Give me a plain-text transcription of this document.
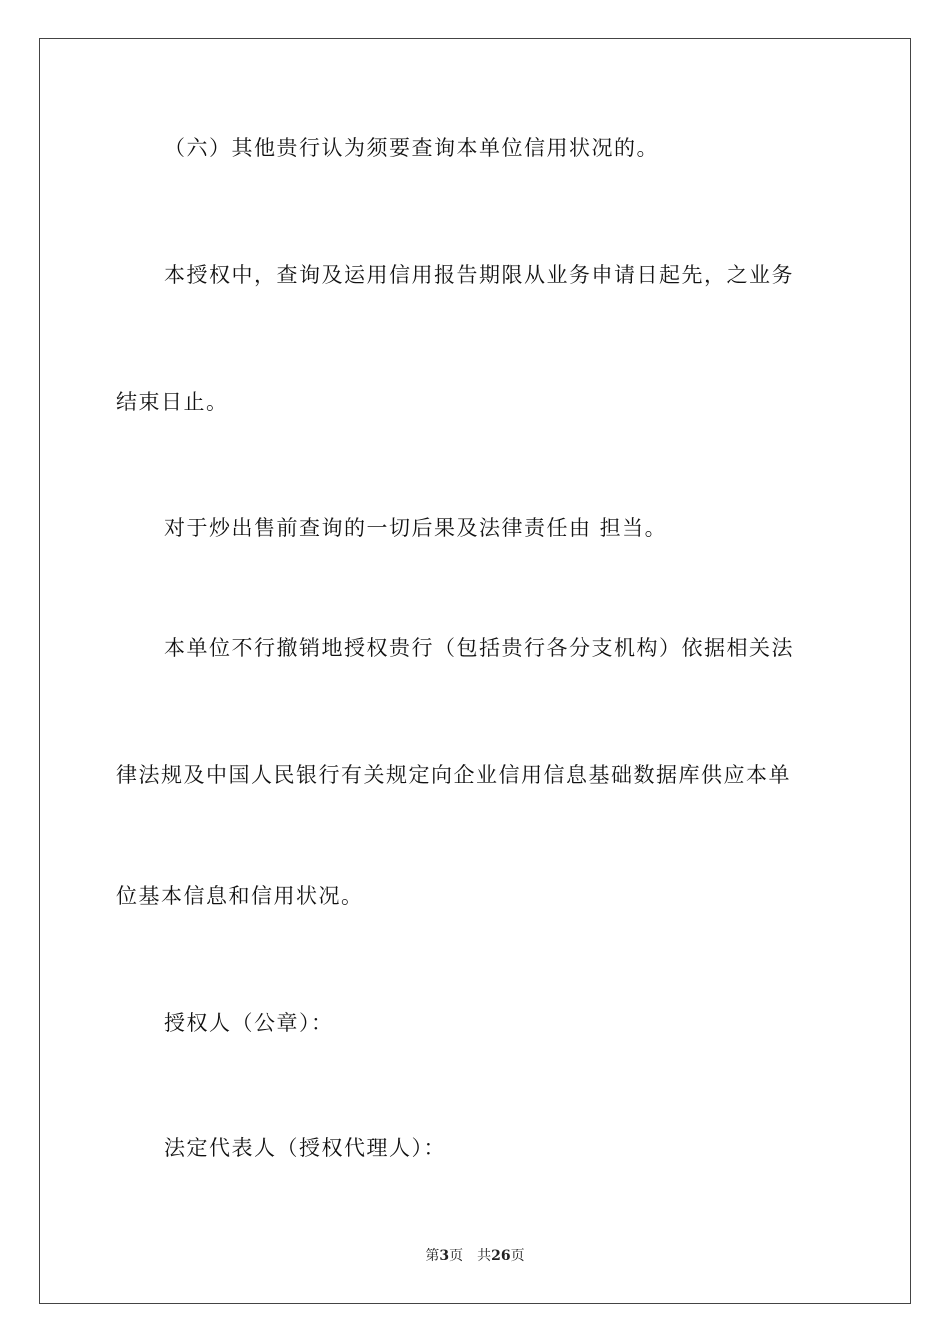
（六）其他贵行认为须要查询本单位信用状况的。

本授权中，查询及运用信用报告期限从业务申请日起先，之业务

结束日止。

对于炒出售前查询的一切后果及法律责任由 担当。

本单位不行撤销地授权贵行（包括贵行各分支机构）依据相关法

律法规及中国人民银行有关规定向企业信用信息基础数据库供应本单

位基本信息和信用状况。

授权人（公章）：

法定代表人（授权代理人）：

第3页 共26页
